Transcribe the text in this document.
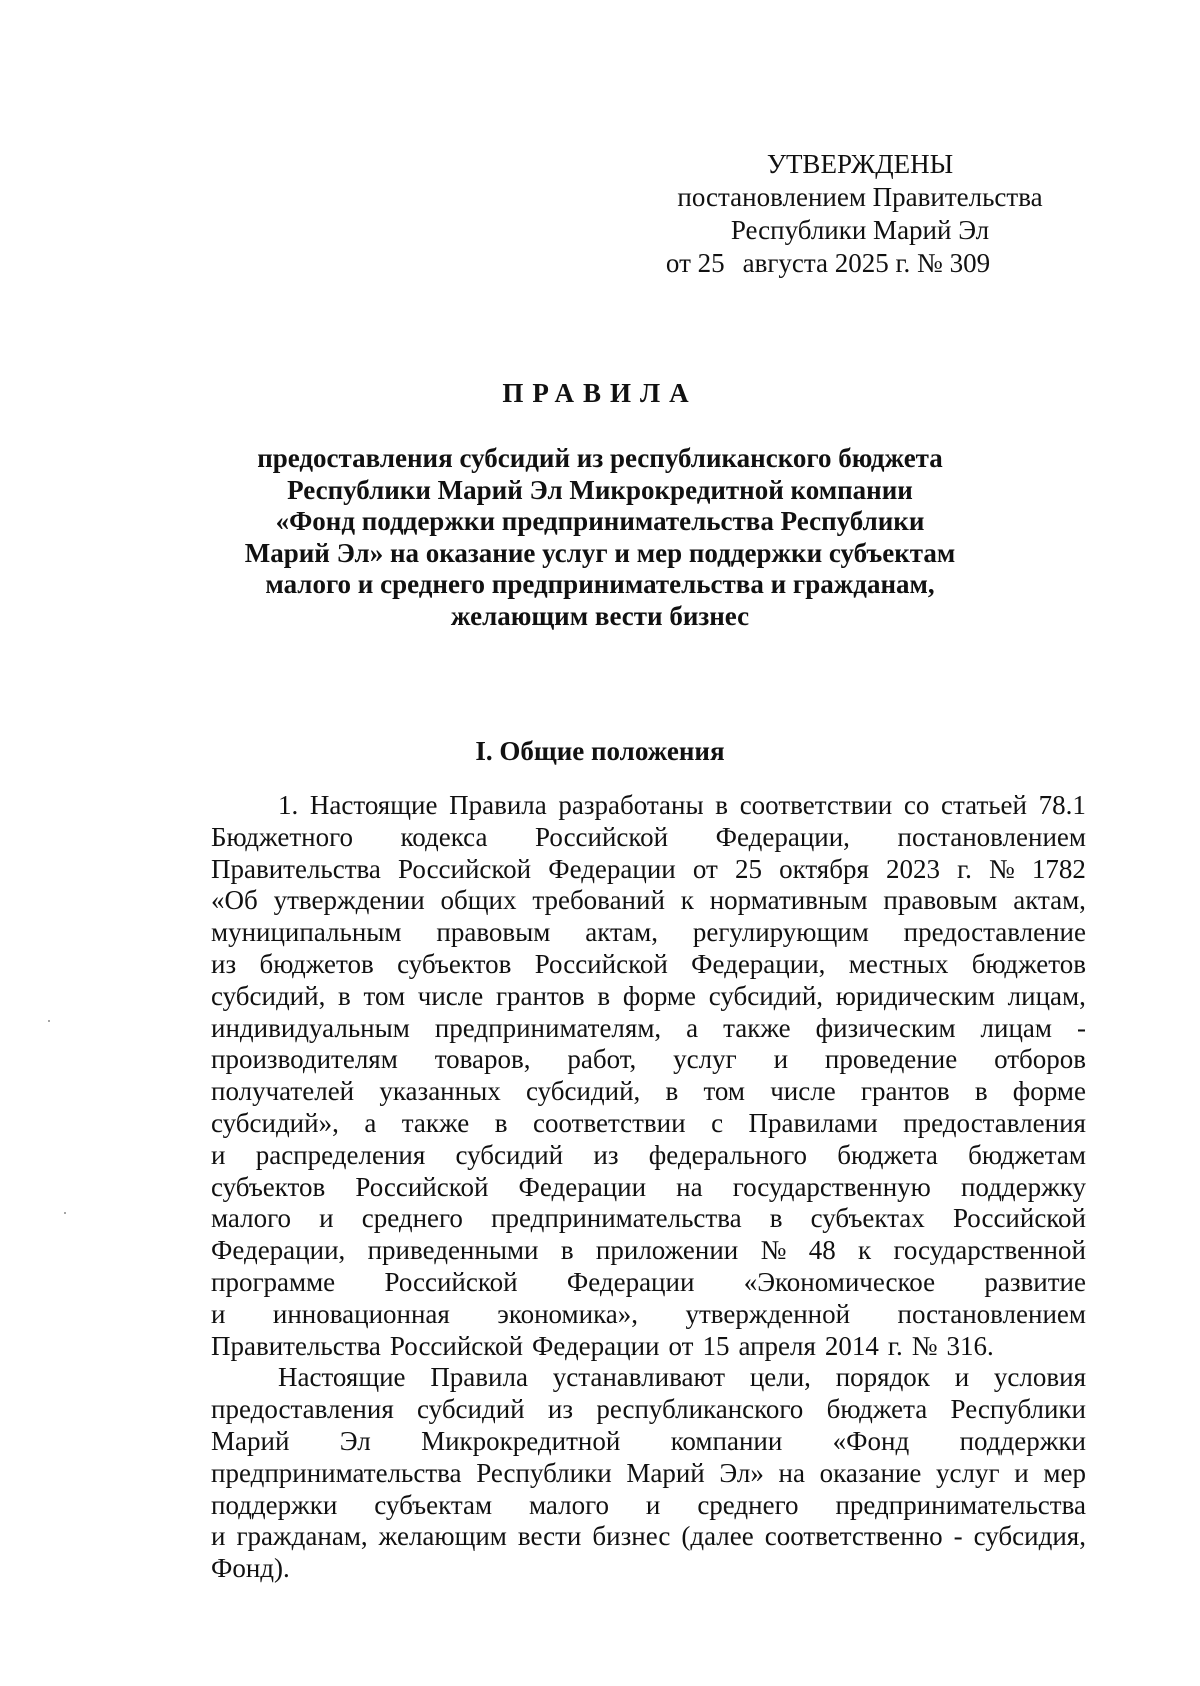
УТВЕРЖДЕНЫ
постановлением Правительства
Республики Марий Эл
от 25 августа 2025 г. № 309
ПРАВИЛА
предоставления субсидий из республиканского бюджета
Республики Марий Эл Микрокредитной компании
«Фонд поддержки предпринимательства Республики
Марий Эл» на оказание услуг и мер поддержки субъектам
малого и среднего предпринимательства и гражданам,
желающим вести бизнес
I. Общие положения
1. Настоящие Правила разработаны в соответствии со статьей 78.1
Бюджетного кодекса Российской Федерации, постановлением
Правительства Российской Федерации от 25 октября 2023 г. № 1782
«Об утверждении общих требований к нормативным правовым актам,
муниципальным правовым актам, регулирующим предоставление
из бюджетов субъектов Российской Федерации, местных бюджетов
субсидий, в том числе грантов в форме субсидий, юридическим лицам,
индивидуальным предпринимателям, а также физическим лицам -
производителям товаров, работ, услуг и проведение отборов
получателей указанных субсидий, в том числе грантов в форме
субсидий», а также в соответствии с Правилами предоставления
и распределения субсидий из федерального бюджета бюджетам
субъектов Российской Федерации на государственную поддержку
малого и среднего предпринимательства в субъектах Российской
Федерации, приведенными в приложении № 48 к государственной
программе Российской Федерации «Экономическое развитие
и инновационная экономика», утвержденной постановлением
Правительства Российской Федерации от 15 апреля 2014 г. № 316.
Настоящие Правила устанавливают цели, порядок и условия
предоставления субсидий из республиканского бюджета Республики
Марий Эл Микрокредитной компании «Фонд поддержки
предпринимательства Республики Марий Эл» на оказание услуг и мер
поддержки субъектам малого и среднего предпринимательства
и гражданам, желающим вести бизнес (далее соответственно - субсидия,
Фонд).
